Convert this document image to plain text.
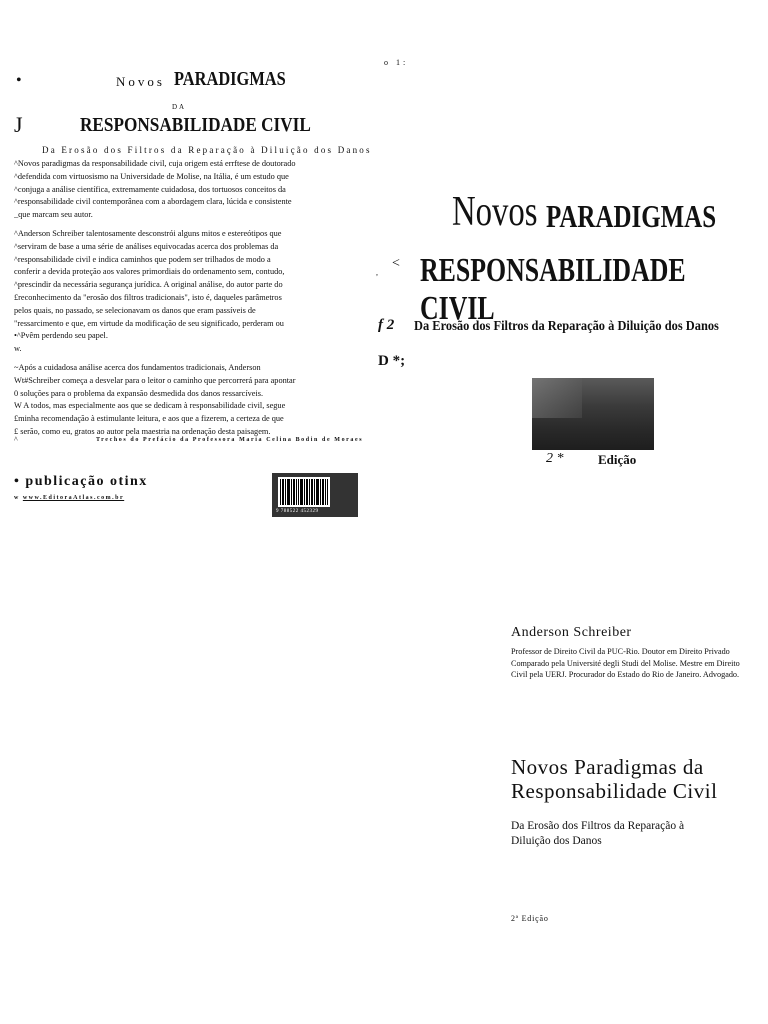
•	Novos PARADIGMAS
DA
J	RESPONSABILIDADE CIVIL
Da Erosão dos Filtros da Reparação à Diluição dos Danos

^Novos paradigmas da responsabilidade civil, cuja origem está errftese de doutorado
^defendida com virtuosismo na Universidade de Molise, na Itália, é um estudo que
^conjuga a análise científica, extremamente cuidadosa, dos tortuosos conceitos da
^responsabilidade civil contemporânea com a abordagem clara, lúcida e consistente
_que marcam seu autor.

^Anderson Schreiber talentosamente desconstrói alguns mitos e estereótipos que
^serviram de base a uma série de análises equivocadas acerca dos problemas da
^responsabilidade civil e indica caminhos que podem ser trilhados de modo a
conferir a devida proteção aos valores primordiais do ordenamento sem, contudo,
^prescindir da necessária segurança jurídica. A original análise, do autor parte do
£reconhecimento da "erosão dos filtros tradicionais", isto é, daqueles parâmetros
pelos quais, no passado, se selecionavam os danos que eram passíveis de
"ressarcimento e que, em virtude da modificação de seu significado, perderam ou
•^Pvêm perdendo seu papel.
w.

~Após a cuidadosa análise acerca dos fundamentos tradicionais, Anderson
Wt#Schreiber começa a desvelar para o leitor o caminho que percorrerá para apontar
0 soluções para o problema da expansão desmedida dos danos ressarcíveis.
W A todos, mas especialmente aos que se dedicam à responsabilidade civil, segue
£minha recomendação à estimulante leitura, e aos que a fizerem, a certeza de que
£ serão, como eu, gratos ao autor pela maestria na ordenação desta paisagem.

^	Trechos do Prefácio da Professora Maria Celina Bodin de Moraes
• publicação otinx
w www.EditoraAtlas.com.br
9 788522 452329
o 1:
Novos PARADIGMAS
,
< RESPONSABILIDADE CIVIL
f 2 Da Erosão dos Filtros da Reparação à Diluição dos Danos
D *;
2 *	Edição
Anderson Schreiber
Professor de Direito Civil da PUC-Rio. Doutor em Direito Privado Comparado pela Université degli Studi del Molise. Mestre em Direito Civil pela UERJ. Procurador do Estado do Rio de Janeiro. Advogado.
Novos Paradigmas da
Responsabilidade Civil
Da Erosão dos Filtros da Reparação à
Diluição dos Danos
2ª Edição
